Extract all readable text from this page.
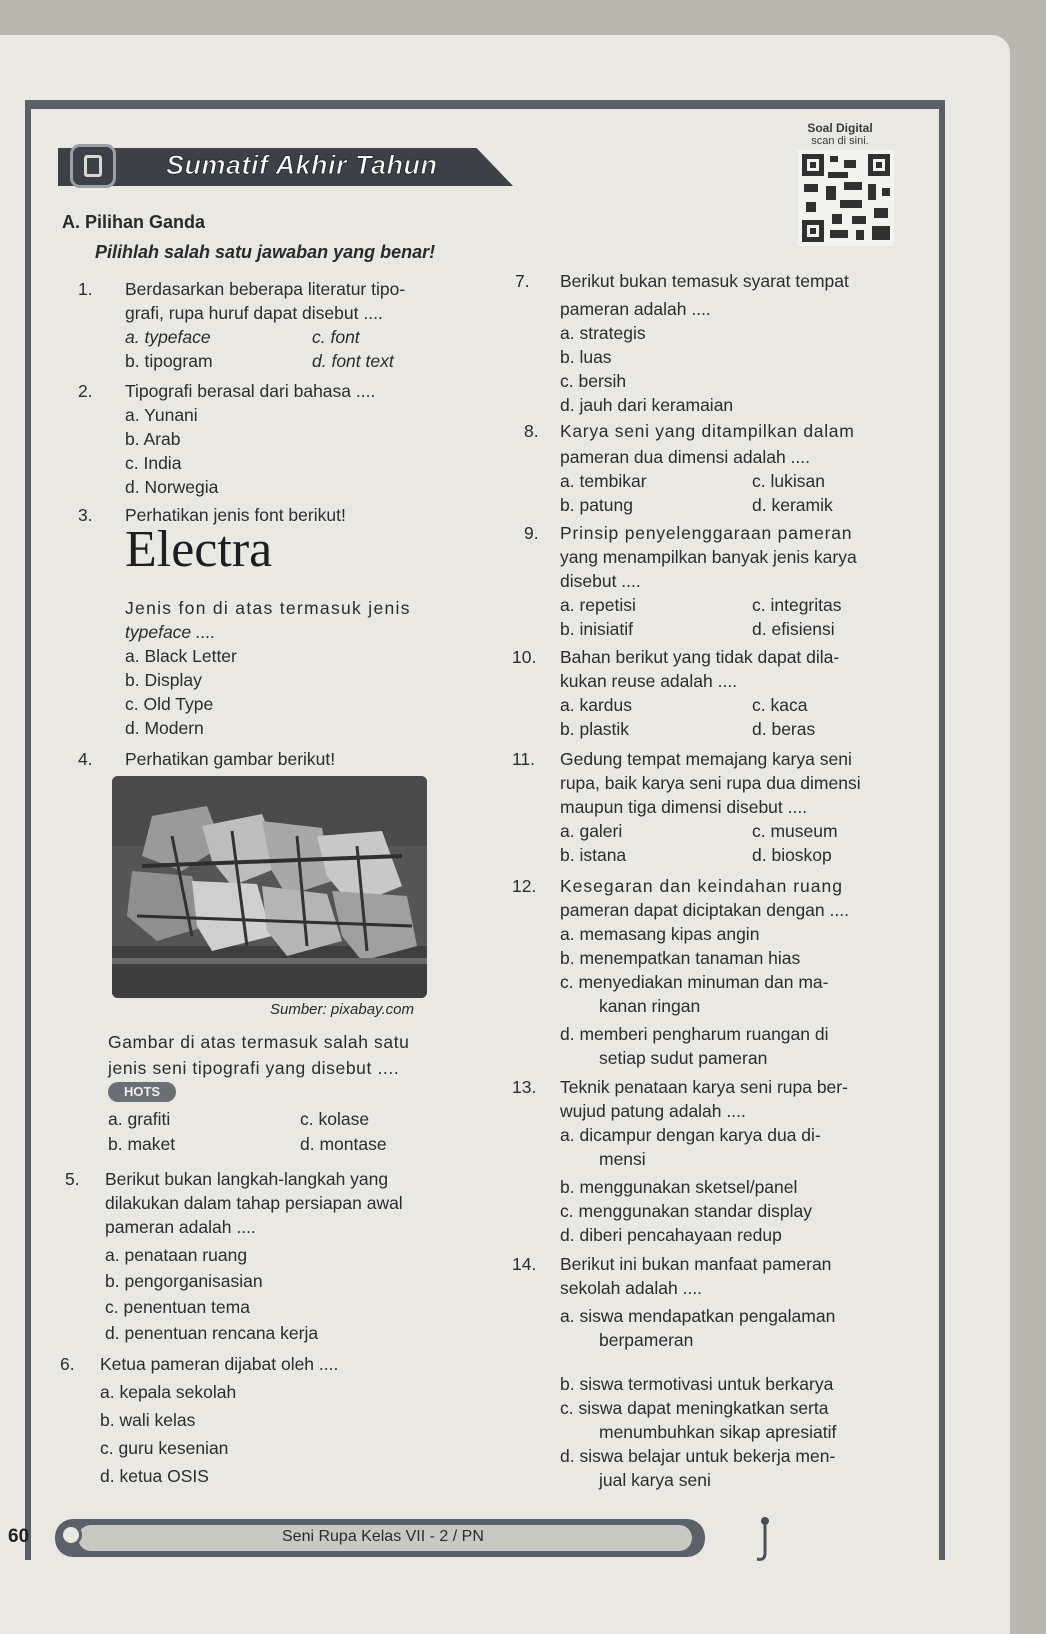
Sumatif Akhir Tahun
Soal Digital
scan di sini.
A. Pilihan Ganda
Pilihlah salah satu jawaban yang benar!
1. Berdasarkan beberapa literatur tipo-
grafi, rupa huruf dapat disebut ....
a. typeface
b. tipogram
c. font
d. font text
2. Tipografi berasal dari bahasa ....
a. Yunani
b. Arab
c. India
d. Norwegia
3. Perhatikan jenis font berikut!
Electra
Jenis fon di atas termasuk jenis
typeface ....
a. Black Letter
b. Display
c. Old Type
d. Modern
4. Perhatikan gambar berikut!
Sumber: pixabay.com
Gambar di atas termasuk salah satu
jenis seni tipografi yang disebut ....
HOTS
a. grafiti
b. maket
c. kolase
d. montase
5. Berikut bukan langkah-langkah yang
dilakukan dalam tahap persiapan awal
pameran adalah ....
a. penataan ruang
b. pengorganisasian
c. penentuan tema
d. penentuan rencana kerja
6. Ketua pameran dijabat oleh ....
a. kepala sekolah
b. wali kelas
c. guru kesenian
d. ketua OSIS
7. Berikut bukan temasuk syarat tempat
pameran adalah ....
a. strategis
b. luas
c. bersih
d. jauh dari keramaian
8. Karya seni yang ditampilkan dalam
pameran dua dimensi adalah ....
a. tembikar
b. patung
c. lukisan
d. keramik
9. Prinsip penyelenggaraan pameran
yang menampilkan banyak jenis karya
disebut ....
a. repetisi
b. inisiatif
c. integritas
d. efisiensi
10. Bahan berikut yang tidak dapat dila-
kukan reuse adalah ....
a. kardus
b. plastik
c. kaca
d. beras
11. Gedung tempat memajang karya seni
rupa, baik karya seni rupa dua dimensi
maupun tiga dimensi disebut ....
a. galeri
b. istana
c. museum
d. bioskop
12. Kesegaran dan keindahan ruang
pameran dapat diciptakan dengan ....
a. memasang kipas angin
b. menempatkan tanaman hias
c. menyediakan minuman dan ma-
kanan ringan
d. memberi pengharum ruangan di
setiap sudut pameran
13. Teknik penataan karya seni rupa ber-
wujud patung adalah ....
a. dicampur dengan karya dua di-
mensi
b. menggunakan sketsel/panel
c. menggunakan standar display
d. diberi pencahayaan redup
14. Berikut ini bukan manfaat pameran
sekolah adalah ....
a. siswa mendapatkan pengalaman
berpameran
b. siswa termotivasi untuk berkarya
c. siswa dapat meningkatkan serta
menumbuhkan sikap apresiatif
d. siswa belajar untuk bekerja men-
jual karya seni
60	Seni Rupa Kelas VII - 2 / PN
